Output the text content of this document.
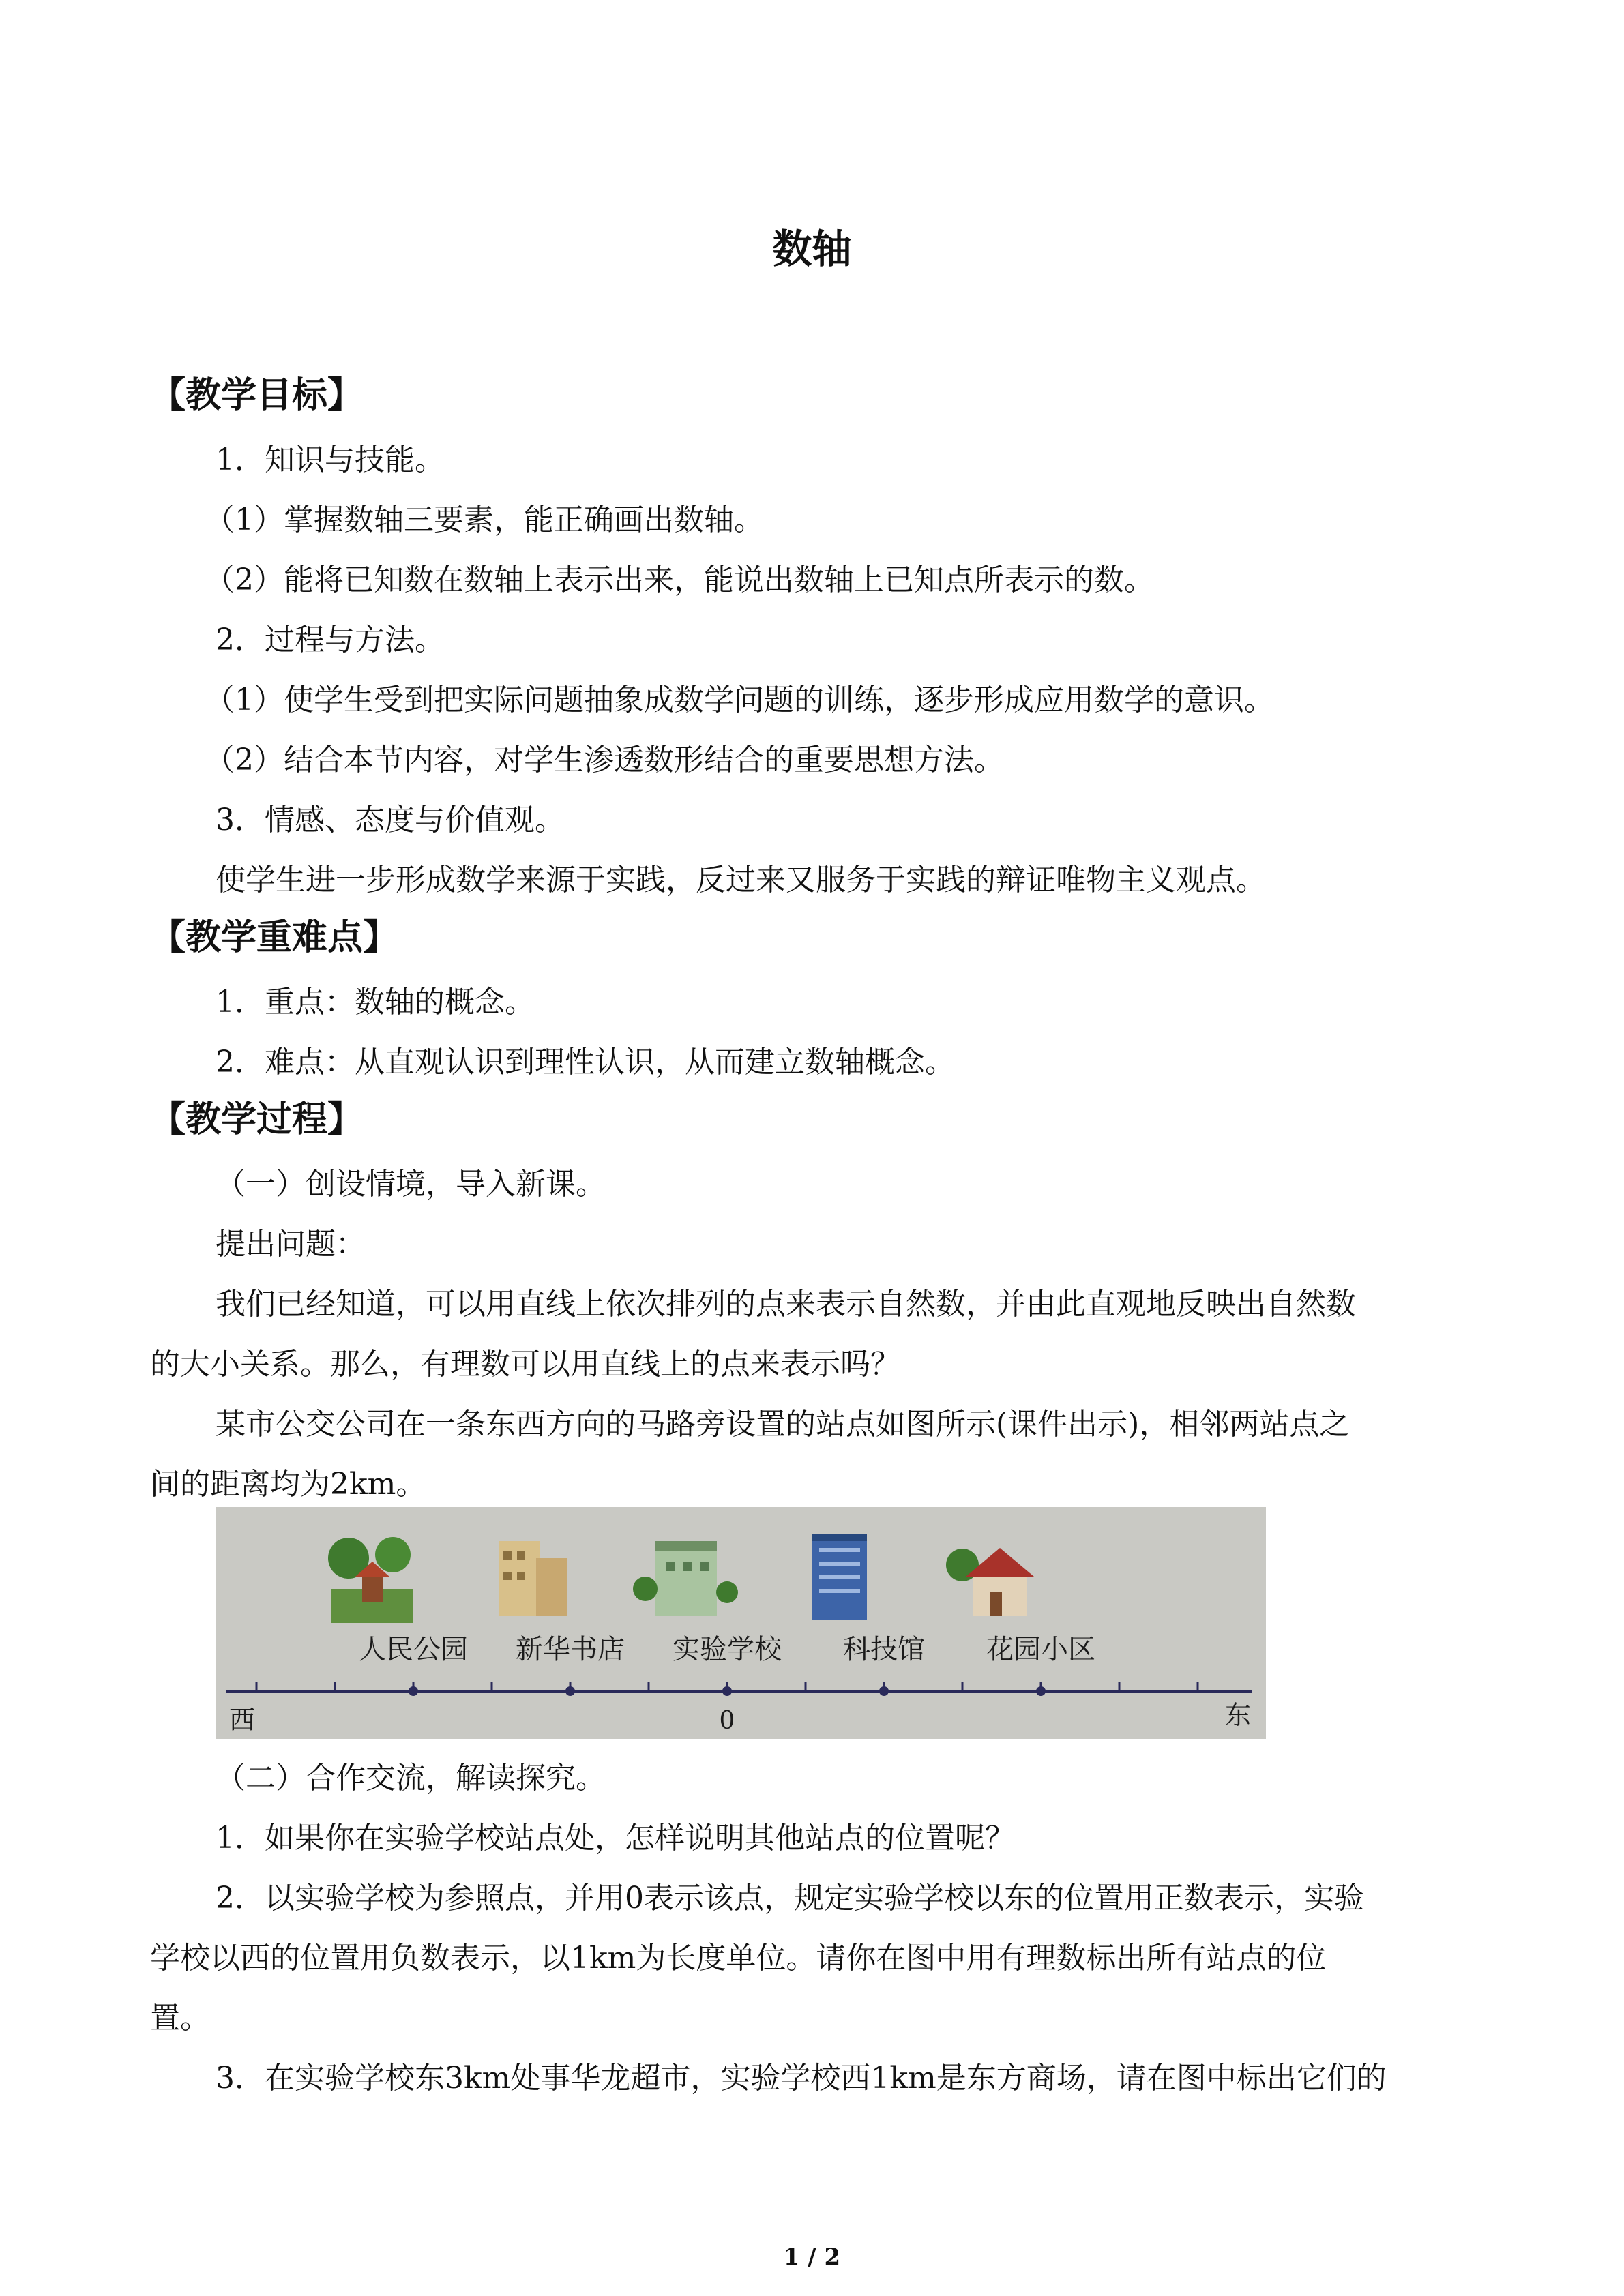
数轴
【教学目标】
1．知识与技能。
（1）掌握数轴三要素，能正确画出数轴。
（2）能将已知数在数轴上表示出来，能说出数轴上已知点所表示的数。
2．过程与方法。
（1）使学生受到把实际问题抽象成数学问题的训练，逐步形成应用数学的意识。
（2）结合本节内容，对学生渗透数形结合的重要思想方法。
3．情感、态度与价值观。
使学生进一步形成数学来源于实践，反过来又服务于实践的辩证唯物主义观点。
【教学重难点】
1．重点：数轴的概念。
2．难点：从直观认识到理性认识，从而建立数轴概念。
【教学过程】
（一）创设情境，导入新课。
提出问题：
我们已经知道，可以用直线上依次排列的点来表示自然数，并由此直观地反映出自然数
的大小关系。那么，有理数可以用直线上的点来表示吗？
某市公交公司在一条东西方向的马路旁设置的站点如图所示(课件出示)，相邻两站点之
间的距离均为2km。
人民公园 新华书店 实验学校 科技馆 花园小区
西	0	东
（二）合作交流，解读探究。
1．如果你在实验学校站点处，怎样说明其他站点的位置呢？
2．以实验学校为参照点，并用0表示该点，规定实验学校以东的位置用正数表示，实验
学校以西的位置用负数表示，以1km为长度单位。请你在图中用有理数标出所有站点的位
置。
3．在实验学校东3km处事华龙超市，实验学校西1km是东方商场，请在图中标出它们的
1 / 2
